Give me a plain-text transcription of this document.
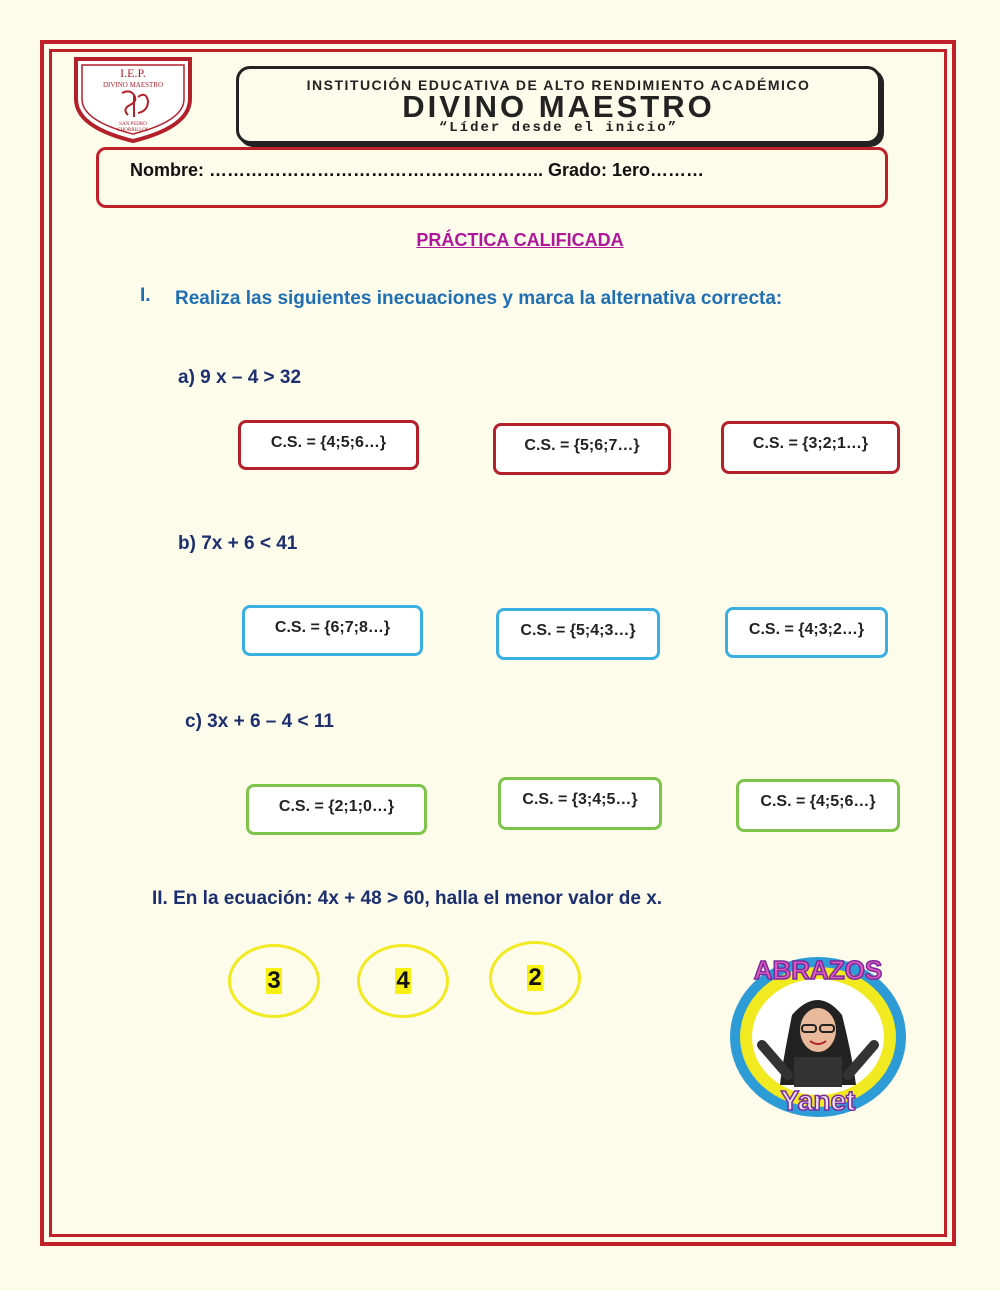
I.E.P.
DIVINO MAESTRO
SAN PEDRO
CHORRILLOS
INSTITUCIÓN EDUCATIVA DE ALTO RENDIMIENTO ACADÉMICO
DIVINO MAESTRO
“Líder desde el inicio”
Nombre: ……………………………………………….. Grado: 1ero………
PRÁCTICA CALIFICADA
I. Realiza las siguientes inecuaciones y marca la alternativa correcta:
a) 9 x – 4 > 32
C.S. = {4;5;6…}	C.S. = {5;6;7…}	C.S. = {3;2;1…}
b) 7x + 6 < 41
C.S. = {6;7;8…}	C.S. = {5;4;3…}	C.S. = {4;3;2…}
c) 3x + 6 – 4 < 11
C.S. = {2;1;0…}	C.S. = {3;4;5…}	C.S. = {4;5;6…}
II. En la ecuación: 4x + 48 > 60, halla el menor valor de x.
3	4	2	ABRAZOS
Yanet
